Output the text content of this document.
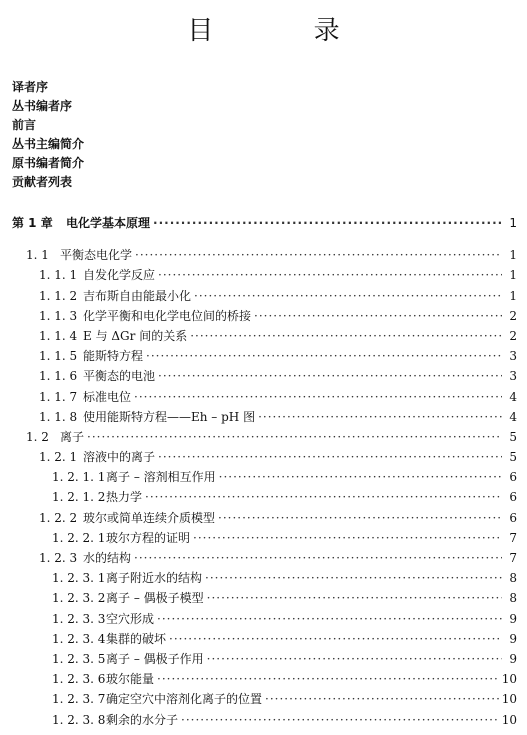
目 录
译者序
丛书编者序
前言
丛书主编简介
原书编者简介
贡献者列表
第 1 章	电化学基本原理 ·····	1
1. 1 平衡态电化学 ·····	1
1. 1. 1 自发化学反应 ·····	1
1. 1. 2 吉布斯自由能最小化 ·····	1
1. 1. 3 化学平衡和电化学电位间的桥接 ·····	2
1. 1. 4 E 与 ΔGr 间的关系 ·····	2
1. 1. 5 能斯特方程 ·····	3
1. 1. 6 平衡态的电池 ·····	3
1. 1. 7 标准电位 ·····	4
1. 1. 8 使用能斯特方程——Eh – pH 图 ·····	4
1. 2 离子 ·····	5
1. 2. 1 溶液中的离子 ·····	5
1. 2. 1. 1 离子 – 溶剂相互作用 ·····	6
1. 2. 1. 2 热力学 ·····	6
1. 2. 2 玻尔或简单连续介质模型 ·····	6
1. 2. 2. 1 玻尔方程的证明 ·····	7
1. 2. 3 水的结构 ·····	7
1. 2. 3. 1 离子附近水的结构 ·····	8
1. 2. 3. 2 离子 – 偶极子模型 ·····	8
1. 2. 3. 3 空穴形成 ·····	9
1. 2. 3. 4 集群的破坏 ·····	9
1. 2. 3. 5 离子 – 偶极子作用 ·····	9
1. 2. 3. 6 玻尔能量 ·····	10
1. 2. 3. 7 确定空穴中溶剂化离子的位置 ·····	10
1. 2. 3. 8 剩余的水分子 ·····	10
